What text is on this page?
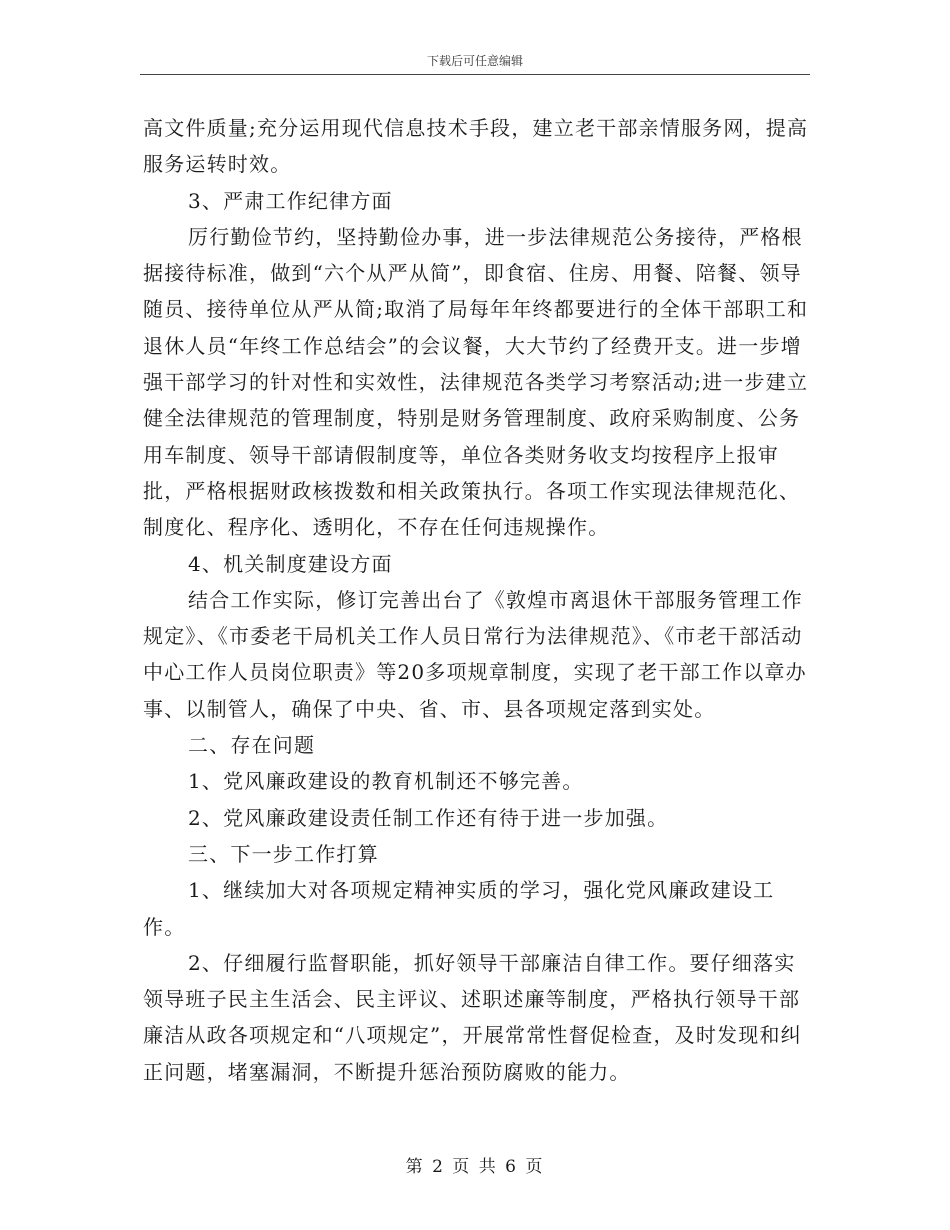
下载后可任意编辑

高文件质量;充分运用现代信息技术手段，建立老干部亲情服务网，提高服务运转时效。

3、严肃工作纪律方面

厉行勤俭节约，坚持勤俭办事，进一步法律规范公务接待，严格根据接待标准，做到“六个从严从简”，即食宿、住房、用餐、陪餐、领导随员、接待单位从严从简;取消了局每年年终都要进行的全体干部职工和退休人员“年终工作总结会”的会议餐，大大节约了经费开支。进一步增强干部学习的针对性和实效性，法律规范各类学习考察活动;进一步建立健全法律规范的管理制度，特别是财务管理制度、政府采购制度、公务用车制度、领导干部请假制度等，单位各类财务收支均按程序上报审批，严格根据财政核拨数和相关政策执行。各项工作实现法律规范化、制度化、程序化、透明化，不存在任何违规操作。

4、机关制度建设方面

结合工作实际，修订完善出台了《敦煌市离退休干部服务管理工作规定》、《市委老干局机关工作人员日常行为法律规范》、《市老干部活动中心工作人员岗位职责》等20多项规章制度，实现了老干部工作以章办事、以制管人，确保了中央、省、市、县各项规定落到实处。

二、存在问题

1、党风廉政建设的教育机制还不够完善。

2、党风廉政建设责任制工作还有待于进一步加强。

三、下一步工作打算

1、继续加大对各项规定精神实质的学习，强化党风廉政建设工作。

2、仔细履行监督职能，抓好领导干部廉洁自律工作。要仔细落实领导班子民主生活会、民主评议、述职述廉等制度，严格执行领导干部廉洁从政各项规定和“八项规定”，开展常常性督促检查，及时发现和纠正问题，堵塞漏洞，不断提升惩治预防腐败的能力。

第 2 页 共 6 页
